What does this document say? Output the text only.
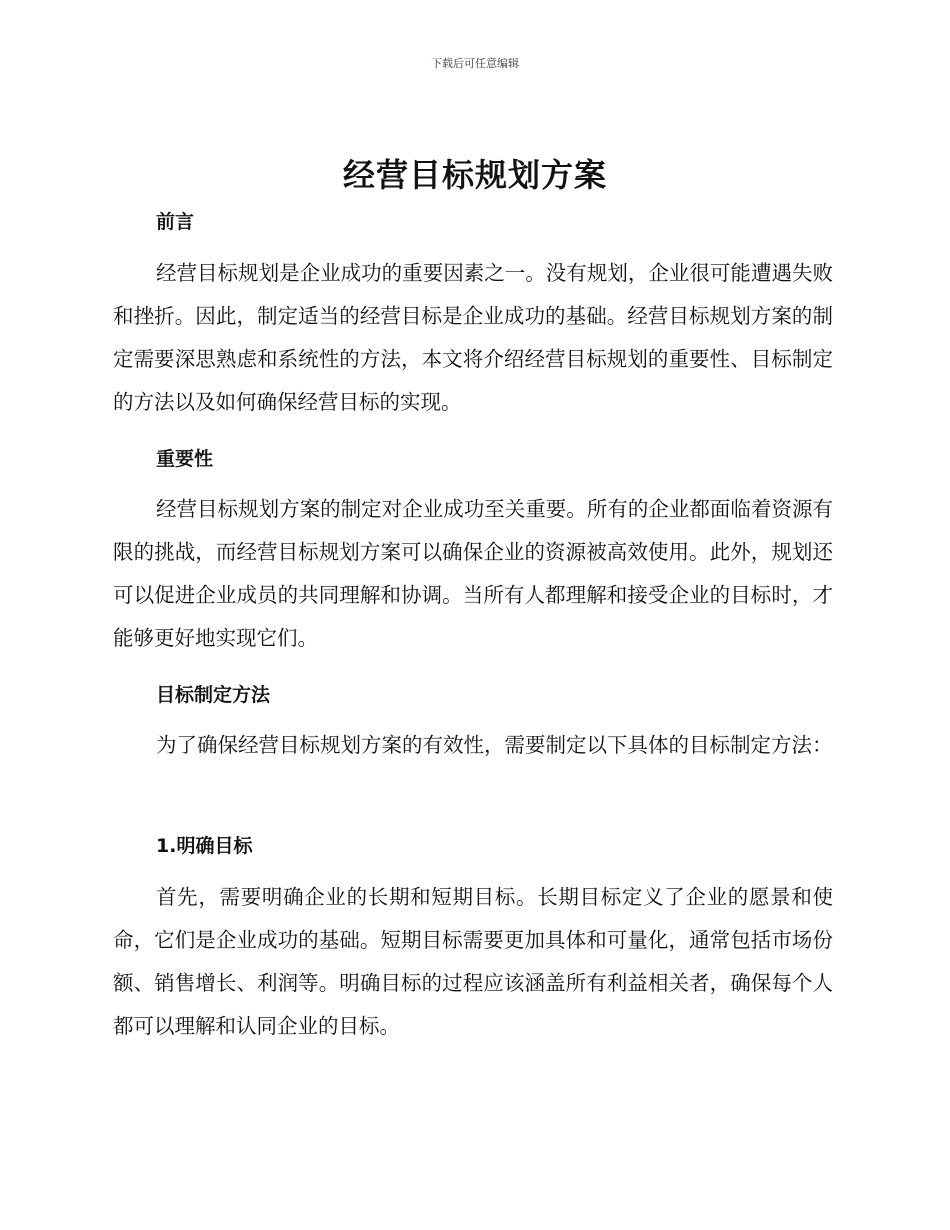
下载后可任意编辑
经营目标规划方案
前言

经营目标规划是企业成功的重要因素之一。没有规划，企业很可能遭遇失败和挫折。因此，制定适当的经营目标是企业成功的基础。经营目标规划方案的制定需要深思熟虑和系统性的方法，本文将介绍经营目标规划的重要性、目标制定的方法以及如何确保经营目标的实现。

重要性

经营目标规划方案的制定对企业成功至关重要。所有的企业都面临着资源有限的挑战，而经营目标规划方案可以确保企业的资源被高效使用。此外，规划还可以促进企业成员的共同理解和协调。当所有人都理解和接受企业的目标时，才能够更好地实现它们。

目标制定方法

为了确保经营目标规划方案的有效性，需要制定以下具体的目标制定方法：

1.明确目标

首先，需要明确企业的长期和短期目标。长期目标定义了企业的愿景和使命，它们是企业成功的基础。短期目标需要更加具体和可量化，通常包括市场份额、销售增长、利润等。明确目标的过程应该涵盖所有利益相关者，确保每个人都可以理解和认同企业的目标。
